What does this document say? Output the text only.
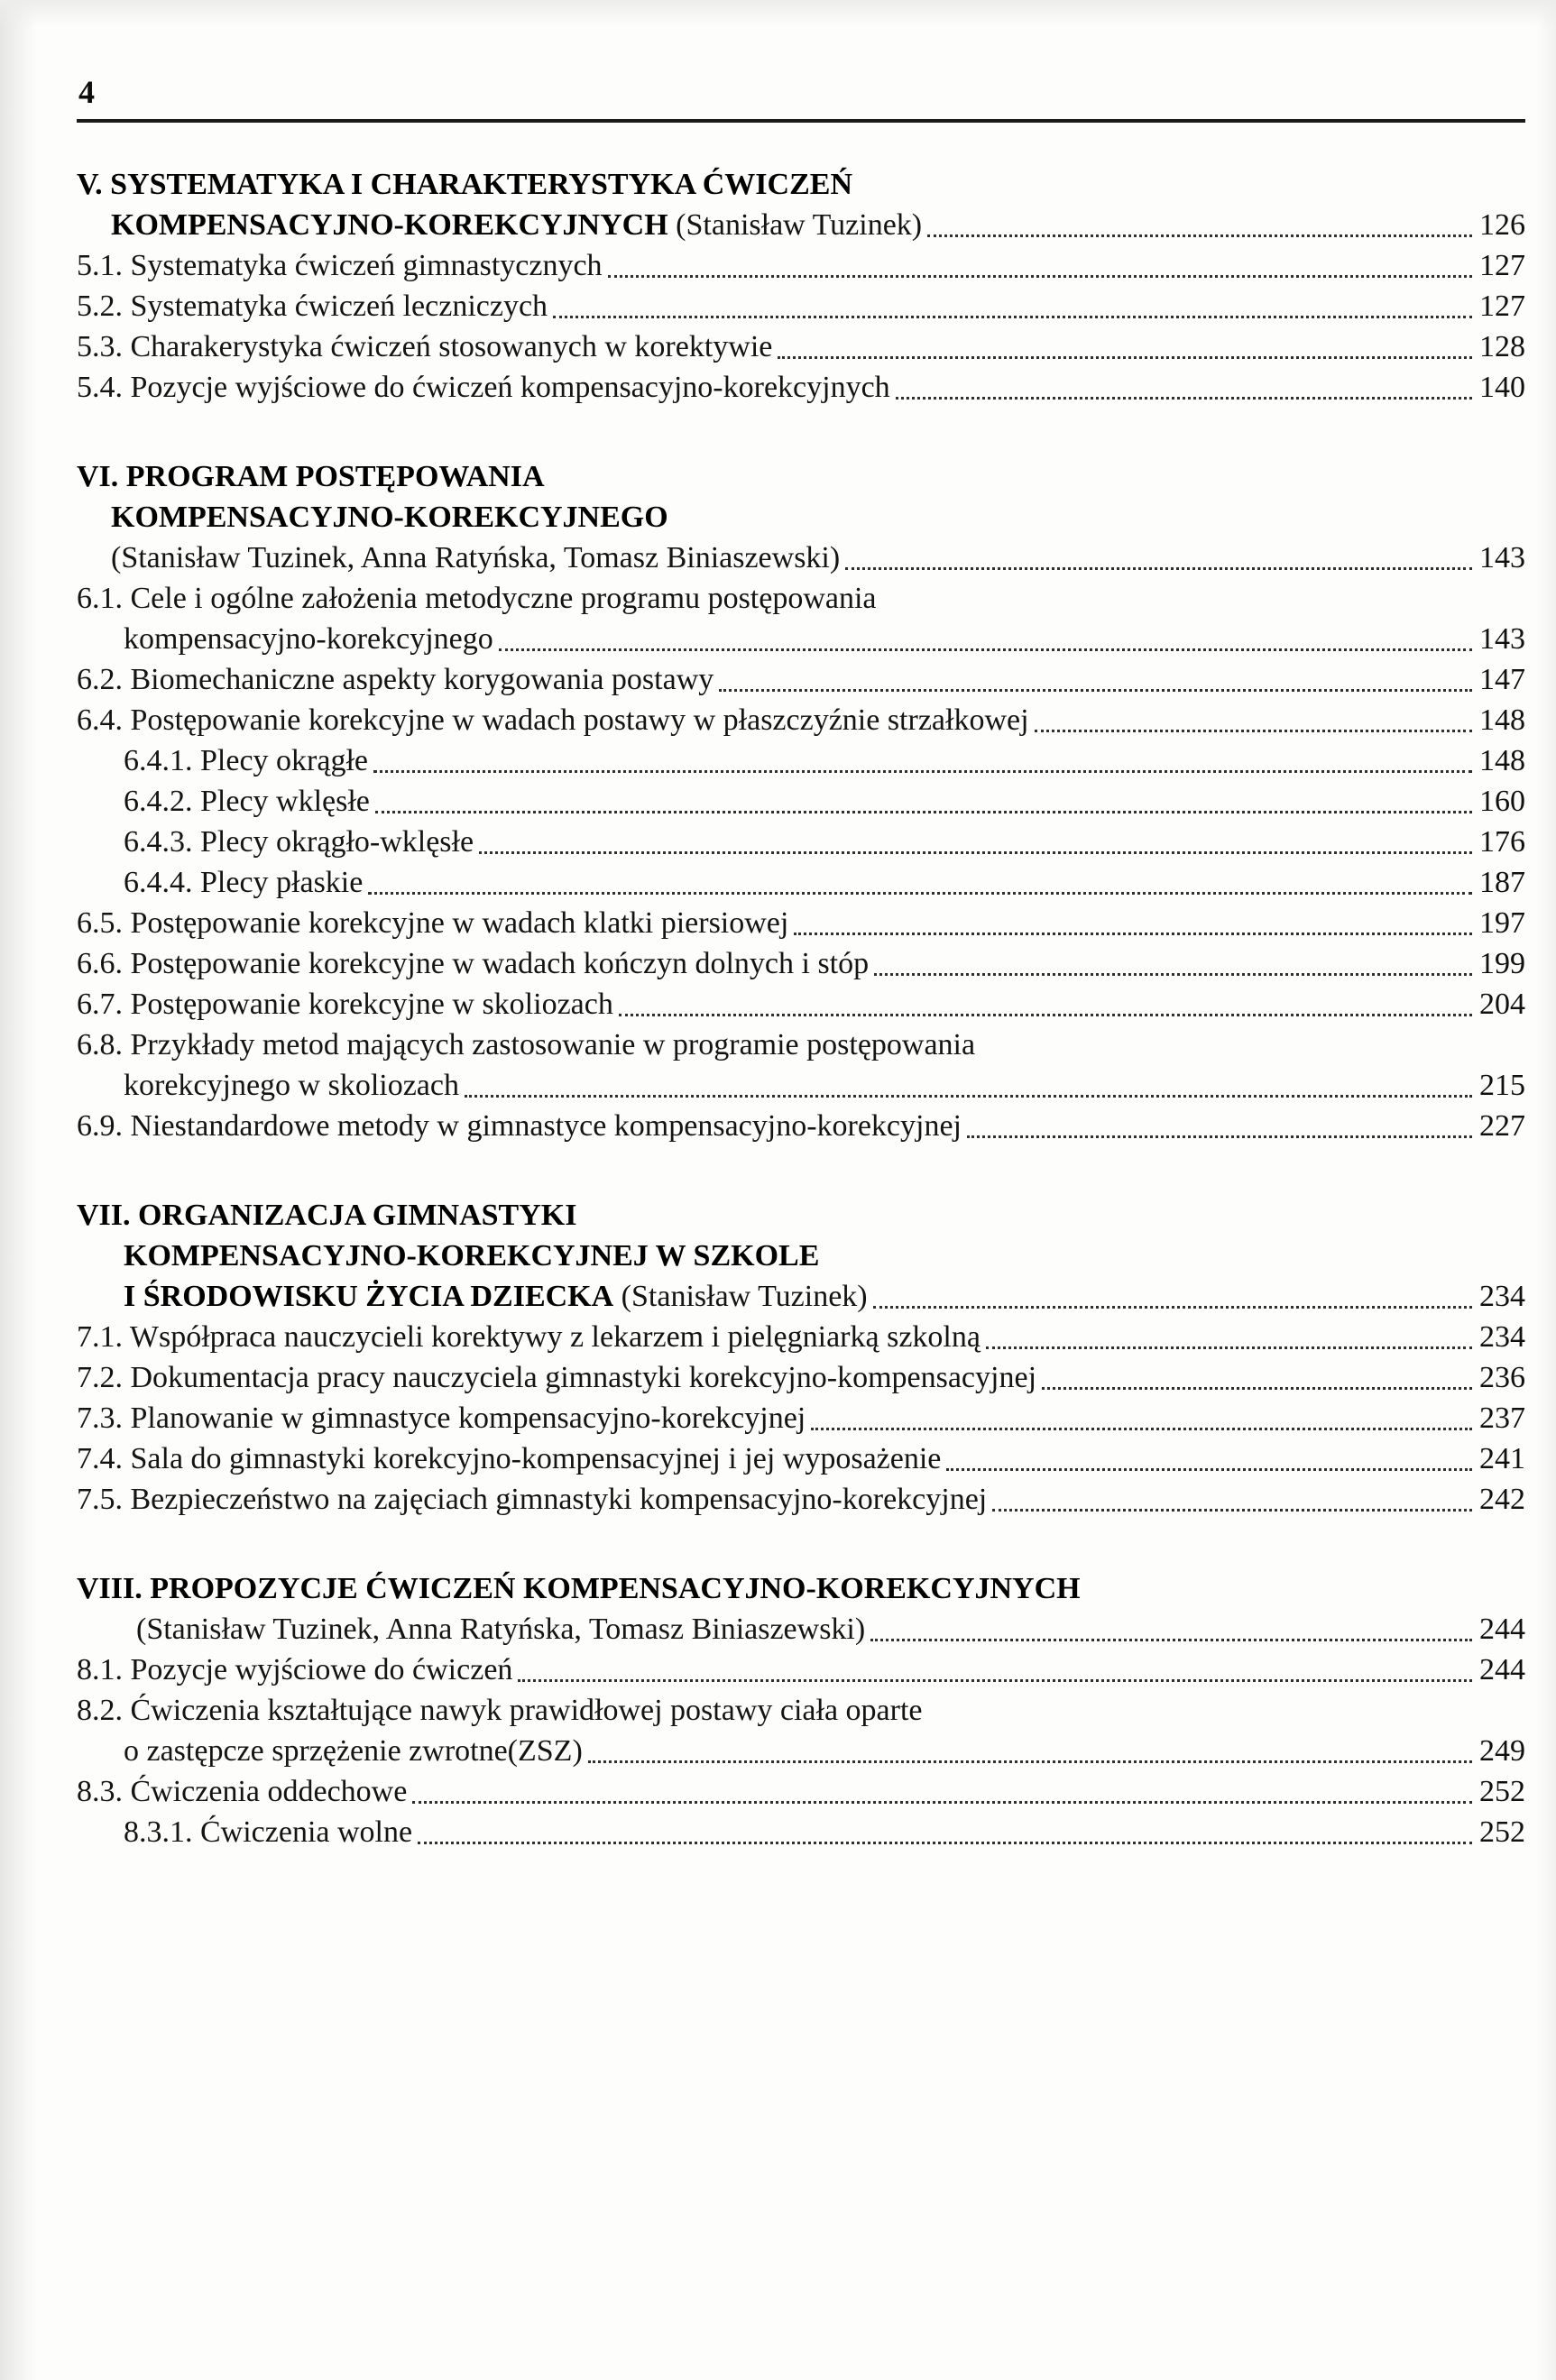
4
V. SYSTEMATYKA I CHARAKTERYSTYKA ĆWICZEŃ
KOMPENSACYJNO-KOREKCYJNYCH (Stanisław Tuzinek)	126
5.1. Systematyka ćwiczeń gimnastycznych	127
5.2. Systematyka ćwiczeń leczniczych	127
5.3. Charakerystyka ćwiczeń stosowanych w korektywie	128
5.4. Pozycje wyjściowe do ćwiczeń kompensacyjno-korekcyjnych	140
VI. PROGRAM POSTĘPOWANIA
KOMPENSACYJNO-KOREKCYJNEGO
(Stanisław Tuzinek, Anna Ratyńska, Tomasz Biniaszewski)	143
6.1. Cele i ogólne założenia metodyczne programu postępowania
kompensacyjno-korekcyjnego	143
6.2. Biomechaniczne aspekty korygowania postawy	147
6.4. Postępowanie korekcyjne w wadach postawy w płaszczyźnie strzałkowej	148
6.4.1. Plecy okrągłe	148
6.4.2. Plecy wklęsłe	160
6.4.3. Plecy okrągło-wklęsłe	176
6.4.4. Plecy płaskie	187
6.5. Postępowanie korekcyjne w wadach klatki piersiowej	197
6.6. Postępowanie korekcyjne w wadach kończyn dolnych i stóp	199
6.7. Postępowanie korekcyjne w skoliozach	204
6.8. Przykłady metod mających zastosowanie w programie postępowania
korekcyjnego w skoliozach	215
6.9. Niestandardowe metody w gimnastyce kompensacyjno-korekcyjnej	227
VII. ORGANIZACJA GIMNASTYKI
KOMPENSACYJNO-KOREKCYJNEJ W SZKOLE
I ŚRODOWISKU ŻYCIA DZIECKA (Stanisław Tuzinek)	234
7.1. Współpraca nauczycieli korektywy z lekarzem i pielęgniarką szkolną	234
7.2. Dokumentacja pracy nauczyciela gimnastyki korekcyjno-kompensacyjnej	236
7.3. Planowanie w gimnastyce kompensacyjno-korekcyjnej	237
7.4. Sala do gimnastyki korekcyjno-kompensacyjnej i jej wyposażenie	241
7.5. Bezpieczeństwo na zajęciach gimnastyki kompensacyjno-korekcyjnej	242
VIII. PROPOZYCJE ĆWICZEŃ KOMPENSACYJNO-KOREKCYJNYCH
(Stanisław Tuzinek, Anna Ratyńska, Tomasz Biniaszewski)	244
8.1. Pozycje wyjściowe do ćwiczeń	244
8.2. Ćwiczenia kształtujące nawyk prawidłowej postawy ciała oparte
o zastępcze sprzężenie zwrotne(ZSZ)	249
8.3. Ćwiczenia oddechowe	252
8.3.1. Ćwiczenia wolne	252
